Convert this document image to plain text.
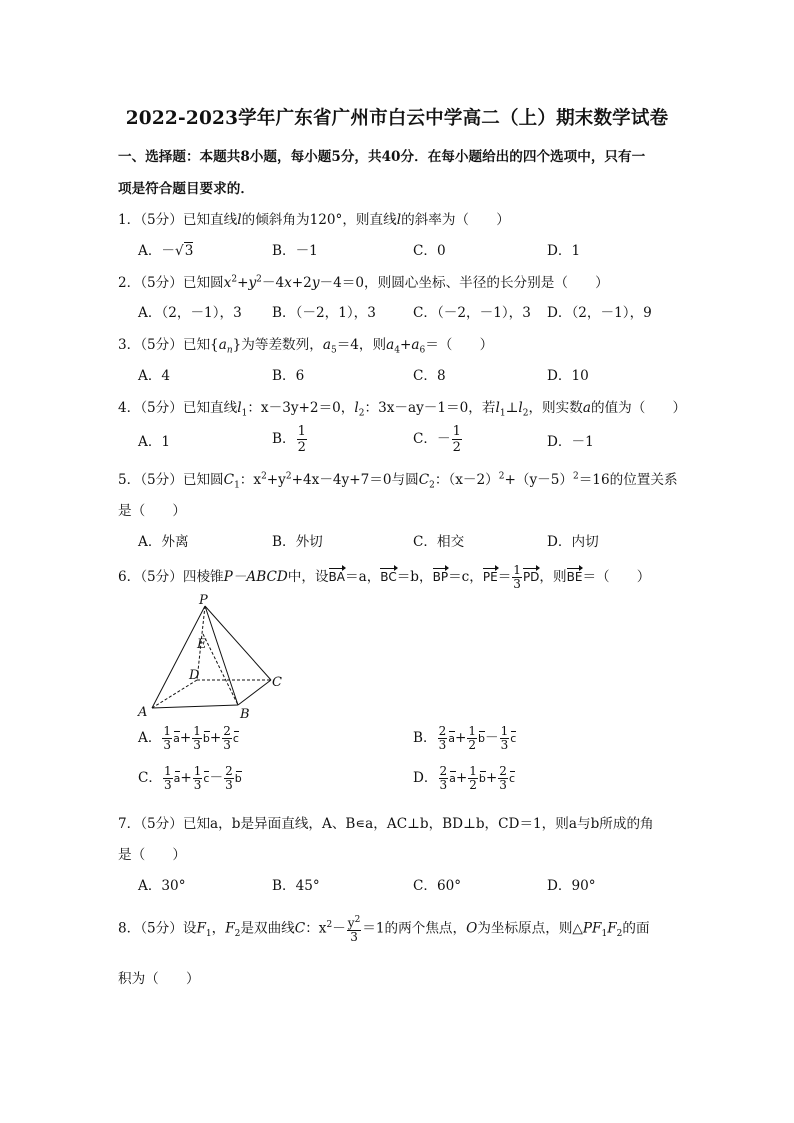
2022-2023学年广东省广州市白云中学高二（上）期末数学试卷
一、选择题：本题共8小题，每小题5分，共40分．在每小题给出的四个选项中，只有一
项是符合题目要求的．
1．（5分）已知直线l的倾斜角为120°，则直线l的斜率为（　　）
A．－√3	B．－1	C．0	D．1
2．（5分）已知圆$x^2+y^2-4x+2y-4=0$，则圆心坐标、半径的长分别是（　　）
A．（2，－1），3 B．（－2，1），3	C．（－2，－1），3 D．（2，－1），9
3．（5分）已知$\{a_n\}$为等差数列，$a_5=4$，则$a_4+a_6=$（　　）
A．4	B．6	C．8	D．10
4．（5分）已知直线$l_1$：x－3y+2＝0，$l_2$：3x－ay－1＝0，若$l_1\perp l_2$，则实数a的值为（　　）
A．1	B． $\frac{1}{2}$	C．－ $\frac{1}{2}$	D．－1
5．（5分）已知圆$C_1$：$x^2+y^2+4x-4y+7=0$与圆$C_2$：$(x-2)^2+(y-5)^2=16$的位置关系
是（　　）
A．外离	B．外切	C．相交	D．内切
6．（5分）四棱锥P－ABCD中，设BA＝a，BC＝b，BP＝c，$PE= \frac{1}{3}$ PD，则BE＝（　　）
P
E
D	C
A	B
A． $\frac{1}{3} a+ \frac{1}{3} b+ \frac{2}{3}$ c	B． $\frac{2}{3} a+ \frac{1}{2} b- \frac{1}{3}$ c
C． $\frac{1}{3} a+ \frac{1}{3} c- \frac{2}{3}$ b	D． $\frac{2}{3} a+ \frac{1}{2} b+ \frac{2}{3}$ c
7．（5分）已知a，b是异面直线，A、B∊a，AC⊥b，BD⊥b，CD＝1，则a与b所成的角
是（　　）
A．30°	B．45°	C．60°	D．90°
8．（5分）设$F_1$，$F_2$是双曲线C：$x^2- \frac{y^2}{3} =1$的两个焦点，O为坐标原点，则$\triangle PF_1F_2$的面
积为（　　）
